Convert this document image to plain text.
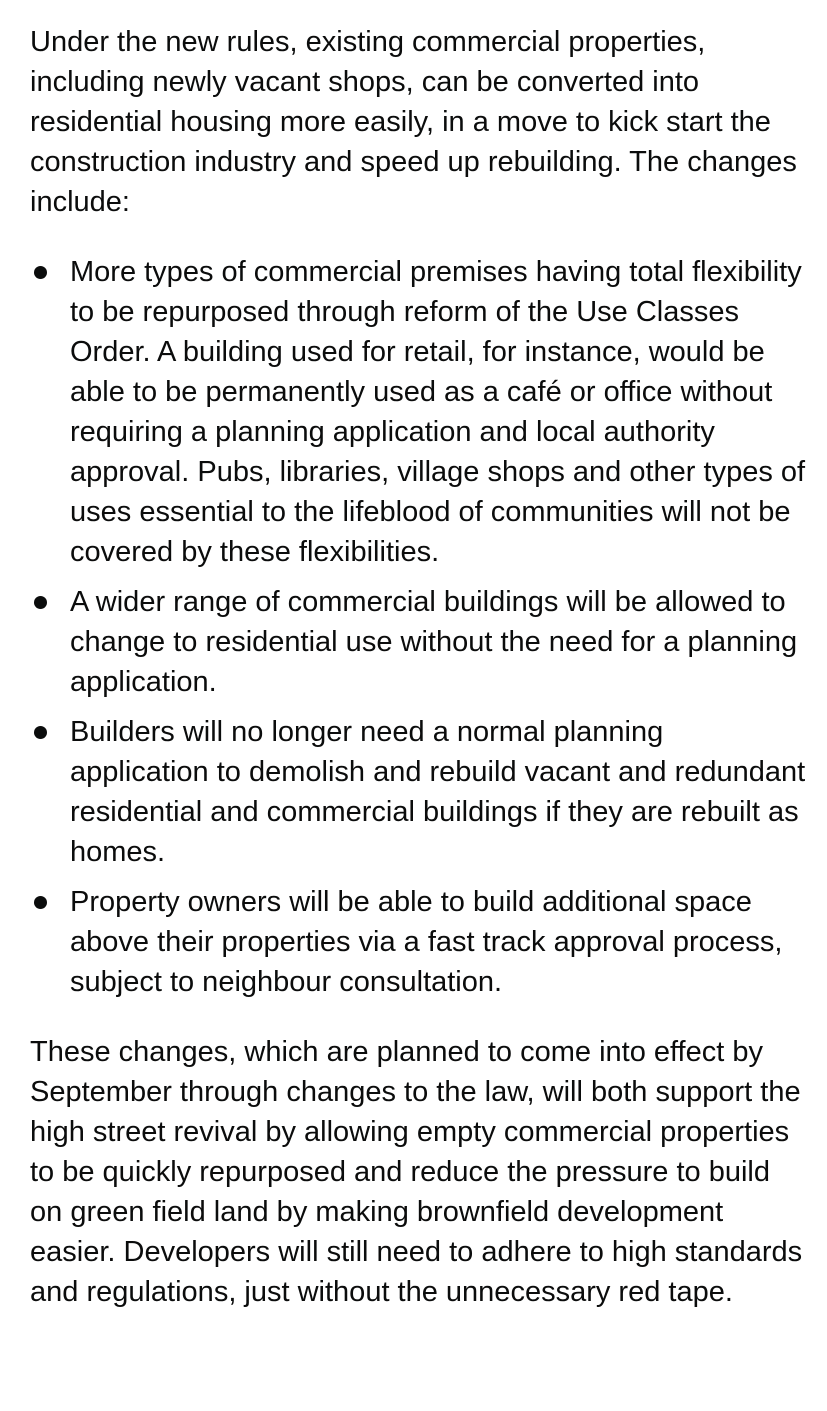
Under the new rules, existing commercial properties, including newly vacant shops, can be converted into residential housing more easily, in a move to kick start the construction industry and speed up rebuilding. The changes include:

More types of commercial premises having total flexibility to be repurposed through reform of the Use Classes Order. A building used for retail, for instance, would be able to be permanently used as a café or office without requiring a planning application and local authority approval. Pubs, libraries, village shops and other types of uses essential to the lifeblood of communities will not be covered by these flexibilities.
A wider range of commercial buildings will be allowed to change to residential use without the need for a planning application.
Builders will no longer need a normal planning application to demolish and rebuild vacant and redundant residential and commercial buildings if they are rebuilt as homes.
Property owners will be able to build additional space above their properties via a fast track approval process, subject to neighbour consultation.

These changes, which are planned to come into effect by September through changes to the law, will both support the high street revival by allowing empty commercial properties to be quickly repurposed and reduce the pressure to build on green field land by making brownfield development easier. Developers will still need to adhere to high standards and regulations, just without the unnecessary red tape.
